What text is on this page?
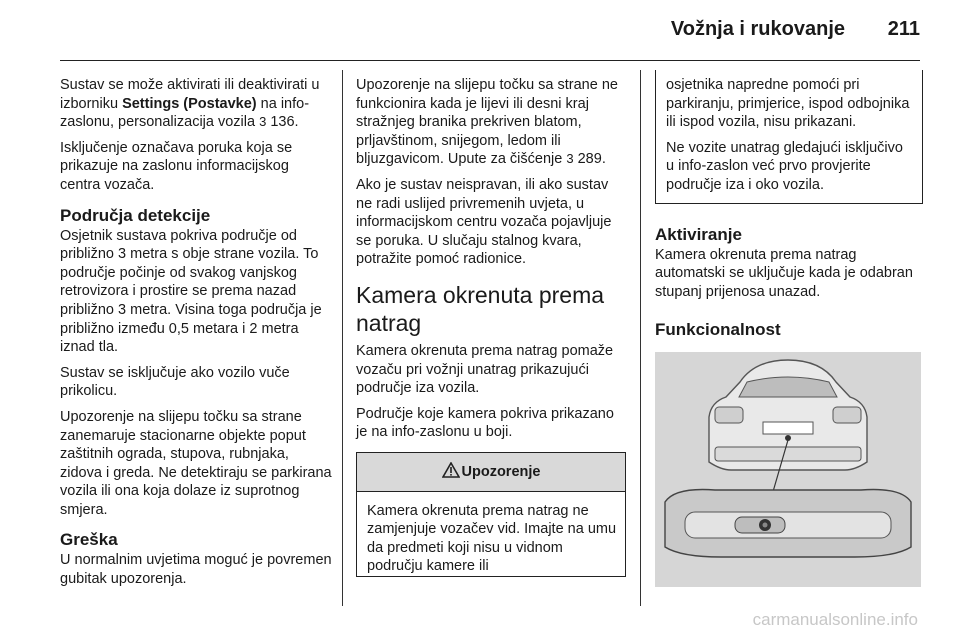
Vožnja i rukovanje 211

Sustav se može aktivirati ili deaktivirati u izborniku Settings (Postavke) na info-zaslonu, personalizacija vozila 3 136.

Isključenje označava poruka koja se prikazuje na zaslonu informacijskog centra vozača.

Područja detekcije

Osjetnik sustava pokriva područje od približno 3 metra s obje strane vozila. To područje počinje od svakog vanjskog retrovizora i prostire se prema nazad približno 3 metra. Visina toga područja je približno između 0,5 metara i 2 metra iznad tla.

Sustav se isključuje ako vozilo vuče prikolicu.

Upozorenje na slijepu točku sa strane zanemaruje stacionarne objekte poput zaštitnih ograda, stupova, rubnjaka, zidova i greda. Ne detektiraju se parkirana vozila ili ona koja dolaze iz suprotnog smjera.

Greška

U normalnim uvjetima moguć je povremen gubitak upozorenja.

Upozorenje na slijepu točku sa strane ne funkcionira kada je lijevi ili desni kraj stražnjeg branika prekriven blatom, prljavštinom, snijegom, ledom ili bljuzgavicom. Upute za čišćenje 3 289.

Ako je sustav neispravan, ili ako sustav ne radi uslijed privremenih uvjeta, u informacijskom centru vozača pojavljuje se poruka. U slučaju stalnog kvara, potražite pomoć radionice.

Kamera okrenuta prema natrag

Kamera okrenuta prema natrag pomaže vozaču pri vožnji unatrag prikazujući područje iza vozila.

Područje koje kamera pokriva prikazano je na info-zaslonu u boji.

Upozorenje
Kamera okrenuta prema natrag ne zamjenjuje vozačev vid. Imajte na umu da predmeti koji nisu u vidnom području kamere ili

osjetnika napredne pomoći pri parkiranju, primjerice, ispod odbojnika ili ispod vozila, nisu prikazani.

Ne vozite unatrag gledajući isključivo u info-zaslon već prvo provjerite područje iza i oko vozila.

Aktiviranje

Kamera okrenuta prema natrag automatski se uključuje kada je odabran stupanj prijenosa unazad.

Funkcionalnost
carmanualsonline.info
